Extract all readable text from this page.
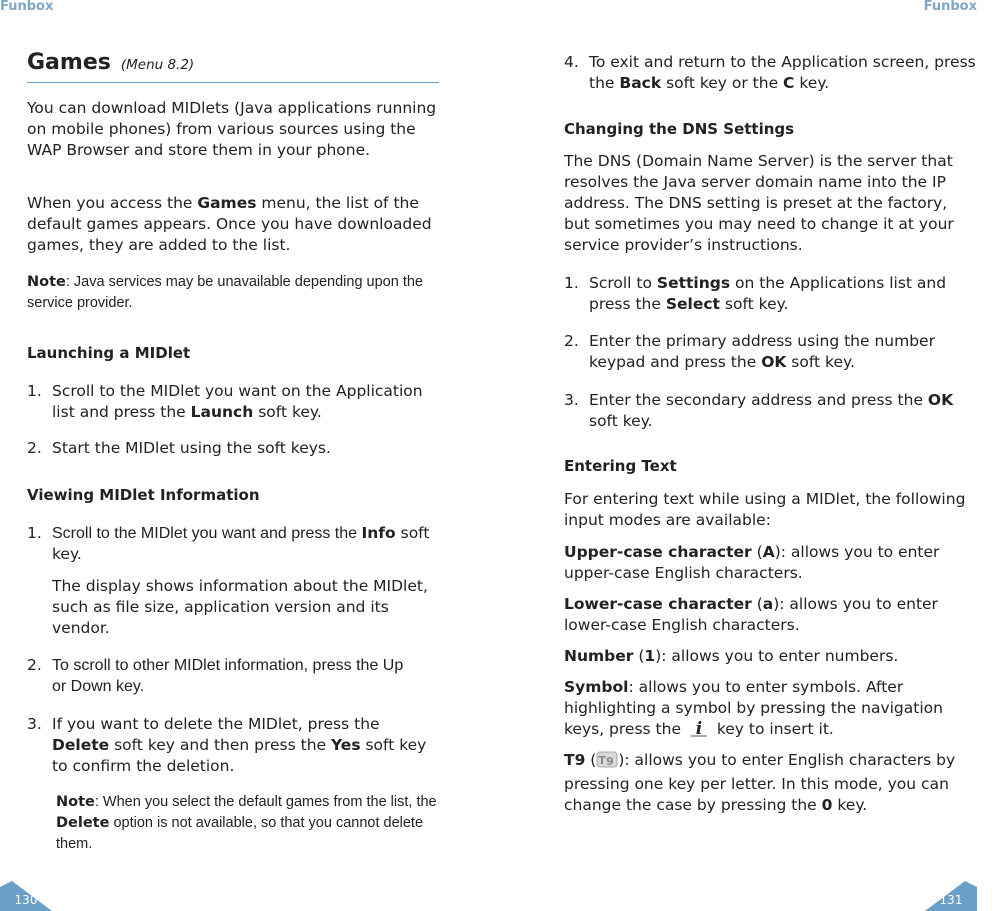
Funbox
Games (Menu 8.2)

You can download MIDlets (Java applications running on mobile phones) from various sources using the WAP Browser and store them in your phone.

When you access the Games menu, the list of the default games appears. Once you have downloaded games, they are added to the list.

Note: Java services may be unavailable depending upon the service provider.
Launching a MIDlet
1. Scroll to the MIDlet you want on the Application list and press the Launch soft key.
2. Start the MIDlet using the soft keys.
Viewing MIDlet Information
1. Scroll to the MIDlet you want and press the Info soft key.
The display shows information about the MIDlet, such as file size, application version and its vendor.
2. To scroll to other MIDlet information, press the Up or Down key.
3. If you want to delete the MIDlet, press the Delete soft key and then press the Yes soft key to confirm the deletion.
Note: When you select the default games from the list, the Delete option is not available, so that you cannot delete them.
130
Funbox
4. To exit and return to the Application screen, press the Back soft key or the C key.
Changing the DNS Settings

The DNS (Domain Name Server) is the server that resolves the Java server domain name into the IP address. The DNS setting is preset at the factory, but sometimes you may need to change it at your service provider’s instructions.

1. Scroll to Settings on the Applications list and press the Select soft key.
2. Enter the primary address using the number keypad and press the OK soft key.
3. Enter the secondary address and press the OK soft key.
Entering Text

For entering text while using a MIDlet, the following input modes are available:

Upper-case character (A): allows you to enter upper-case English characters.

Lower-case character (a): allows you to enter lower-case English characters.

Number (1): allows you to enter numbers.

Symbol: allows you to enter symbols. After highlighting a symbol by pressing the navigation keys, press the i key to insert it.

T9 ( T 9 ): allows you to enter English characters by pressing one key per letter. In this mode, you can change the case by pressing the 0 key.

131
